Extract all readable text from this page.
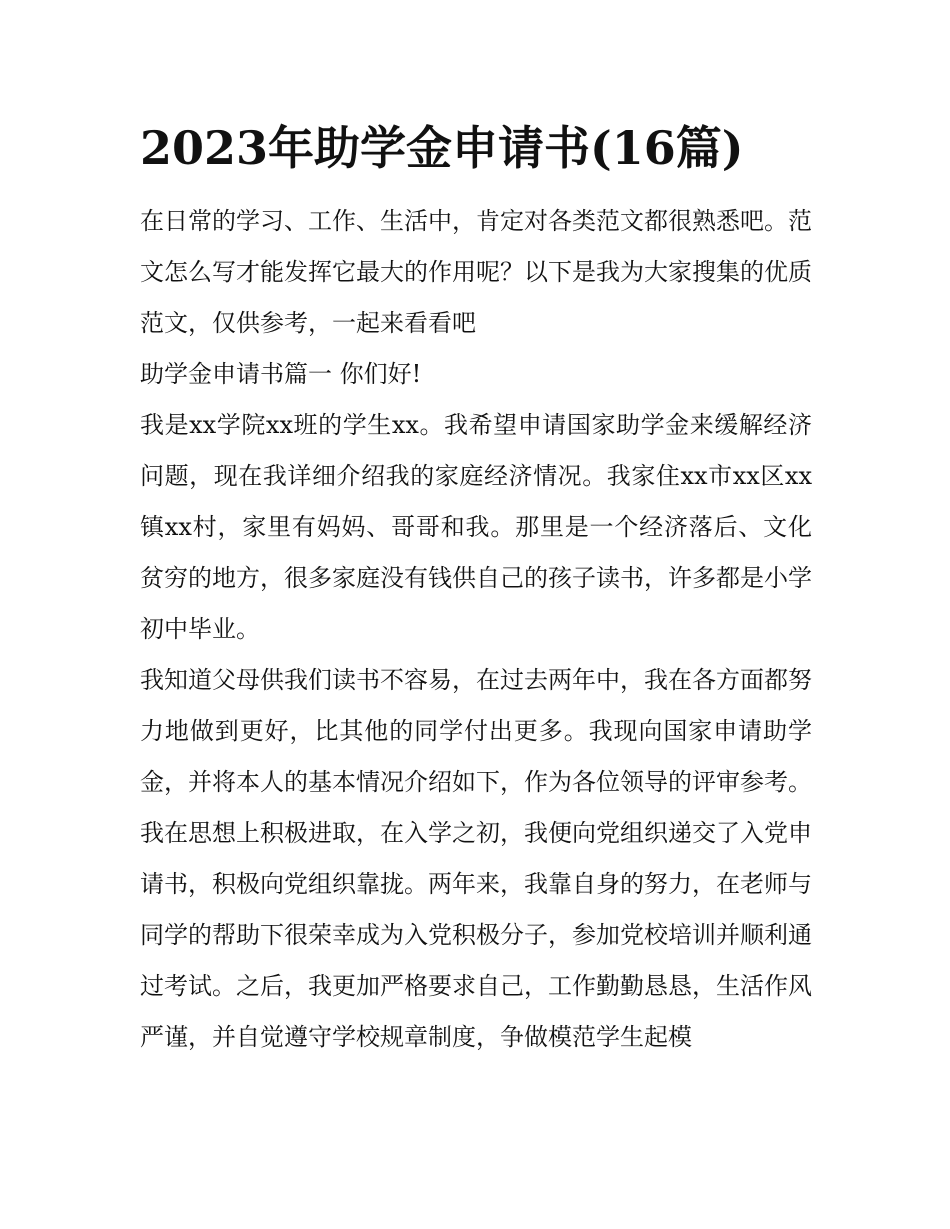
2023年助学金申请书(16篇)

在日常的学习、工作、生活中，肯定对各类范文都很熟悉吧。范文怎么写才能发挥它最大的作用呢？以下是我为大家搜集的优质范文，仅供参考，一起来看看吧

助学金申请书篇一 你们好!

我是xx学院xx班的学生xx。我希望申请国家助学金来缓解经济问题，现在我详细介绍我的家庭经济情况。我家住xx市xx区xx镇xx村，家里有妈妈、哥哥和我。那里是一个经济落后、文化贫穷的地方，很多家庭没有钱供自己的孩子读书，许多都是小学初中毕业。

我知道父母供我们读书不容易，在过去两年中，我在各方面都努力地做到更好，比其他的同学付出更多。我现向国家申请助学金，并将本人的基本情况介绍如下，作为各位领导的评审参考。

我在思想上积极进取，在入学之初，我便向党组织递交了入党申请书，积极向党组织靠拢。两年来，我靠自身的努力，在老师与同学的帮助下很荣幸成为入党积极分子，参加党校培训并顺利通过考试。之后，我更加严格要求自己，工作勤勤恳恳，生活作风严谨，并自觉遵守学校规章制度，争做模范学生起模
